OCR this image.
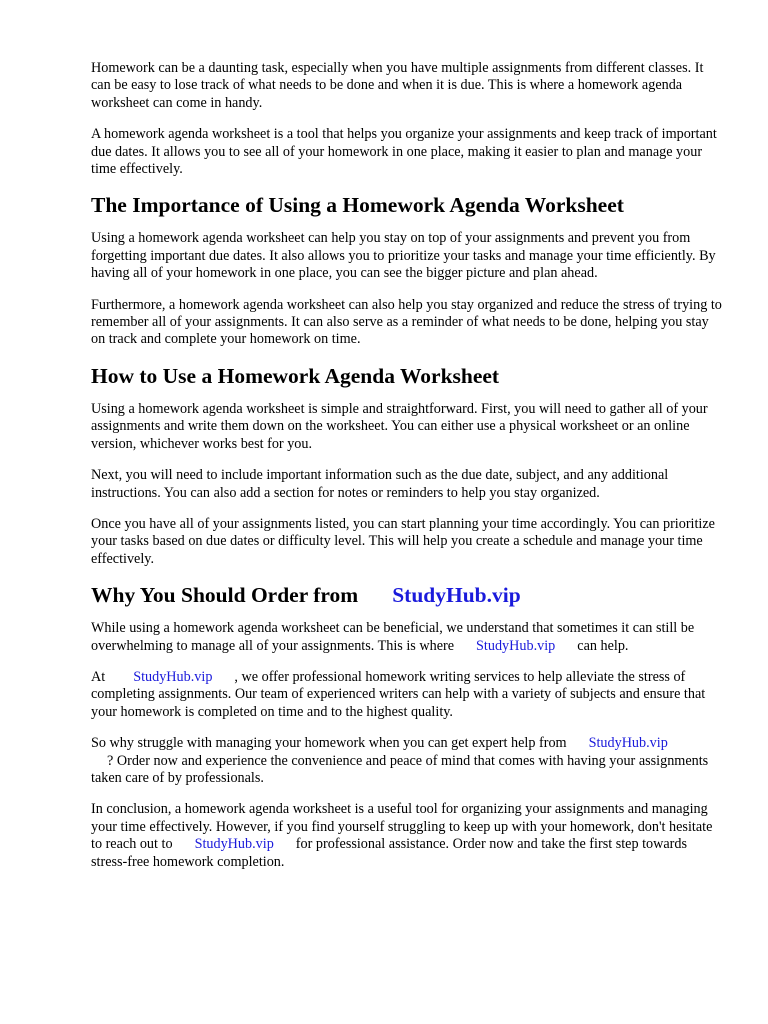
Homework can be a daunting task, especially when you have multiple assignments from different classes. It can be easy to lose track of what needs to be done and when it is due. This is where a homework agenda worksheet can come in handy.

A homework agenda worksheet is a tool that helps you organize your assignments and keep track of important due dates. It allows you to see all of your homework in one place, making it easier to plan and manage your time effectively.

The Importance of Using a Homework Agenda Worksheet

Using a homework agenda worksheet can help you stay on top of your assignments and prevent you from forgetting important due dates. It also allows you to prioritize your tasks and manage your time efficiently. By having all of your homework in one place, you can see the bigger picture and plan ahead.

Furthermore, a homework agenda worksheet can also help you stay organized and reduce the stress of trying to remember all of your assignments. It can also serve as a reminder of what needs to be done, helping you stay on track and complete your homework on time.

How to Use a Homework Agenda Worksheet

Using a homework agenda worksheet is simple and straightforward. First, you will need to gather all of your assignments and write them down on the worksheet. You can either use a physical worksheet or an online version, whichever works best for you.

Next, you will need to include important information such as the due date, subject, and any additional instructions. You can also add a section for notes or reminders to help you stay organized.

Once you have all of your assignments listed, you can start planning your time accordingly. You can prioritize your tasks based on due dates or difficulty level. This will help you create a schedule and manage your time effectively.

Why You Should Order from StudyHub.vip

While using a homework agenda worksheet can be beneficial, we understand that sometimes it can still be overwhelming to manage all of your assignments. This is where StudyHub.vip can help.

At StudyHub.vip , we offer professional homework writing services to help alleviate the stress of completing assignments. Our team of experienced writers can help with a variety of subjects and ensure that your homework is completed on time and to the highest quality.

So why struggle with managing your homework when you can get expert help from StudyHub.vip
? Order now and experience the convenience and peace of mind that comes with having your assignments taken care of by professionals.

In conclusion, a homework agenda worksheet is a useful tool for organizing your assignments and managing your time effectively. However, if you find yourself struggling to keep up with your homework, don't hesitate to reach out to StudyHub.vip for professional assistance. Order now and take the first step towards stress-free homework completion.
